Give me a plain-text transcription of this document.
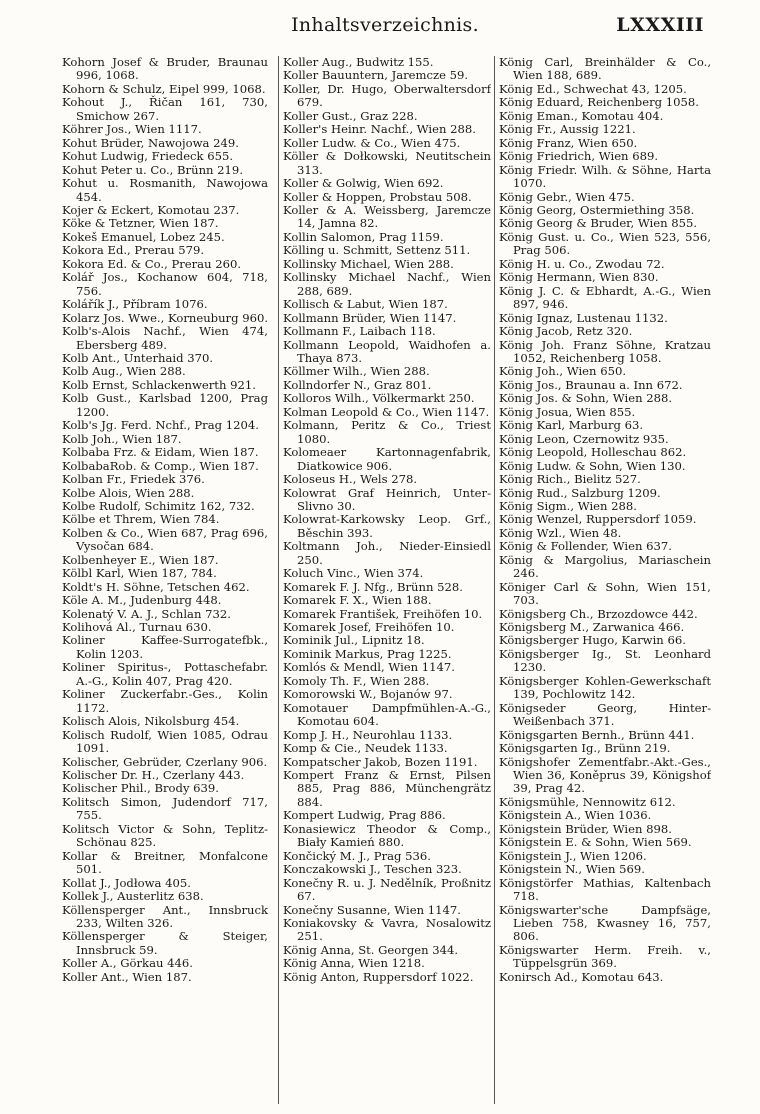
Inhaltsverzeichnis.	LXXXIII

Kohorn Josef & Bruder, Braunau 996, 1068.

Kohorn & Schulz, Eipel 999, 1068.

Kohout J., Řičan 161, 730, Smichow 267.

Köhrer Jos., Wien 1117.

Kohut Brüder, Nawojowa 249.

Kohut Ludwig, Friedeck 655.

Kohut Peter u. Co., Brünn 219.

Kohut u. Rosmanith, Nawojowa 454.

Kojer & Eckert, Komotau 237.

Köke & Tetzner, Wien 187.

Kokeš Emanuel, Lobez 245.

Kokora Ed., Prerau 579.

Kokora Ed. & Co., Prerau 260.

Kolář Jos., Kochanow 604, 718, 756.

Kolářík J., Příbram 1076.

Kolarz Jos. Wwe., Korneuburg 960.

Kolb's-Alois Nachf., Wien 474, Ebersberg 489.

Kolb Ant., Unterhaid 370.

Kolb Aug., Wien 288.

Kolb Ernst, Schlackenwerth 921.

Kolb Gust., Karlsbad 1200, Prag 1200.

Kolb's Jg. Ferd. Nchf., Prag 1204.

Kolb Joh., Wien 187.

Kolbaba Frz. & Eidam, Wien 187.

KolbabaRob. & Comp., Wien 187.

Kolban Fr., Friedek 376.

Kolbe Alois, Wien 288.

Kolbe Rudolf, Schimitz 162, 732.

Kölbe et Threm, Wien 784.

Kolben & Co., Wien 687, Prag 696, Vysočan 684.

Kolbenheyer E., Wien 187.

Kölbl Karl, Wien 187, 784.

Koldt's H. Söhne, Tetschen 462.

Köle A. M., Judenburg 448.

Kolenatý V. A. J., Schlan 732.

Kolihová Al., Turnau 630.

Koliner Kaffee-Surrogatefbk., Kolin 1203.

Koliner Spiritus-, Pottaschefabr. A.-G., Kolin 407, Prag 420.

Koliner Zuckerfabr.-Ges., Kolin 1172.

Kolisch Alois, Nikolsburg 454.

Kolisch Rudolf, Wien 1085, Odrau 1091.

Kolischer, Gebrüder, Czerlany 906.

Kolischer Dr. H., Czerlany 443.

Kolischer Phil., Brody 639.

Kolitsch Simon, Judendorf 717, 755.

Kolitsch Victor & Sohn, Teplitz-Schönau 825.

Kollar & Breitner, Monfalcone 501.

Kollat J., Jodłowa 405.

Kollek J., Austerlitz 638.

Köllensperger Ant., Innsbruck 233, Wilten 326.

Köllensperger & Steiger, Innsbruck 59.

Koller A., Görkau 446.

Koller Ant., Wien 187.

Koller Aug., Budwitz 155.

Koller Bauuntern, Jaremcze 59.

Koller, Dr. Hugo, Oberwaltersdorf 679.

Koller Gust., Graz 228.

Koller's Heinr. Nachf., Wien 288.

Koller Ludw. & Co., Wien 475.

Köller & Dołkowski, Neutitschein 313.

Koller & Golwig, Wien 692.

Koller & Hoppen, Probstau 508.

Koller & A. Weissberg, Jaremcze 14, Jamna 82.

Kollin Salomon, Prag 1159.

Kölling u. Schmitt, Settenz 511.

Kollinsky Michael, Wien 288.

Kollinsky Michael Nachf., Wien 288, 689.

Kollisch & Labut, Wien 187.

Kollmann Brüder, Wien 1147.

Kollmann F., Laibach 118.

Kollmann Leopold, Waidhofen a. Thaya 873.

Köllmer Wilh., Wien 288.

Kollndorfer N., Graz 801.

Kolloros Wilh., Völkermarkt 250.

Kolman Leopold & Co., Wien 1147.

Kolmann, Peritz & Co., Triest 1080.

Kolomeaer Kartonnagenfabrik, Diatkowice 906.

Koloseus H., Wels 278.

Kolowrat Graf Heinrich, Unter-Slivno 30.

Kolowrat-Karkowsky Leop. Grf., Běschin 393.

Koltmann Joh., Nieder-Einsiedl 250.

Koluch Vinc., Wien 374.

Komarek F. J. Nfg., Brünn 528.

Komarek F. X., Wien 188.

Komarek František, Freihöfen 10.

Komarek Josef, Freihöfen 10.

Kominik Jul., Lipnitz 18.

Kominik Markus, Prag 1225.

Komlós & Mendl, Wien 1147.

Komoly Th. F., Wien 288.

Komorowski W., Bojanów 97.

Komotauer Dampfmühlen-A.-G., Komotau 604.

Komp J. H., Neurohlau 1133.

Komp & Cie., Neudek 1133.

Kompatscher Jakob, Bozen 1191.

Kompert Franz & Ernst, Pilsen 885, Prag 886, Münchengrätz 884.

Kompert Ludwig, Prag 886.

Konasiewicz Theodor & Comp., Biały Kamień 880.

Končický M. J., Prag 536.

Konczakowski J., Teschen 323.

Konečny R. u. J. Nedělník, Proßnitz 67.

Konečny Susanne, Wien 1147.

Koniakovsky & Vavra, Nosalowitz 251.

König Anna, St. Georgen 344.

König Anna, Wien 1218.

König Anton, Ruppersdorf 1022.

König Carl, Breinhälder & Co., Wien 188, 689.

König Ed., Schwechat 43, 1205.

König Eduard, Reichenberg 1058.

König Eman., Komotau 404.

König Fr., Aussig 1221.

König Franz, Wien 650.

König Friedrich, Wien 689.

König Friedr. Wilh. & Söhne, Harta 1070.

König Gebr., Wien 475.

König Georg, Ostermiething 358.

König Georg & Bruder, Wien 855.

König Gust. u. Co., Wien 523, 556, Prag 506.

König H. u. Co., Zwodau 72.

König Hermann, Wien 830.

König J. C. & Ebhardt, A.-G., Wien 897, 946.

König Ignaz, Lustenau 1132.

König Jacob, Retz 320.

König Joh. Franz Söhne, Kratzau 1052, Reichenberg 1058.

König Joh., Wien 650.

König Jos., Braunau a. Inn 672.

König Jos. & Sohn, Wien 288.

König Josua, Wien 855.

König Karl, Marburg 63.

König Leon, Czernowitz 935.

König Leopold, Holleschau 862.

König Ludw. & Sohn, Wien 130.

König Rich., Bielitz 527.

König Rud., Salzburg 1209.

König Sigm., Wien 288.

König Wenzel, Ruppersdorf 1059.

König Wzl., Wien 48.

König & Follender, Wien 637.

König & Margolius, Mariaschein 246.

Königer Carl & Sohn, Wien 151, 703.

Königsberg Ch., Brzozdowce 442.

Königsberg M., Zarwanica 466.

Königsberger Hugo, Karwin 66.

Königsberger Ig., St. Leonhard 1230.

Königsberger Kohlen-Gewerkschaft 139, Pochlowitz 142.

Königseder Georg, Hinter-Weißenbach 371.

Königsgarten Bernh., Brünn 441.

Königsgarten Ig., Brünn 219.

Königshofer Zementfabr.-Akt.-Ges., Wien 36, Koněprus 39, Königshof 39, Prag 42.

Königsmühle, Nennowitz 612.

Königstein A., Wien 1036.

Königstein Brüder, Wien 898.

Königstein E. & Sohn, Wien 569.

Königstein J., Wien 1206.

Königstein N., Wien 569.

Königstörfer Mathias, Kaltenbach 718.

Königswarter'sche Dampfsäge, Lieben 758, Kwasney 16, 757, 806.

Königswarter Herm. Freih. v., Tüppelsgrün 369.

Konirsch Ad., Komotau 643.
